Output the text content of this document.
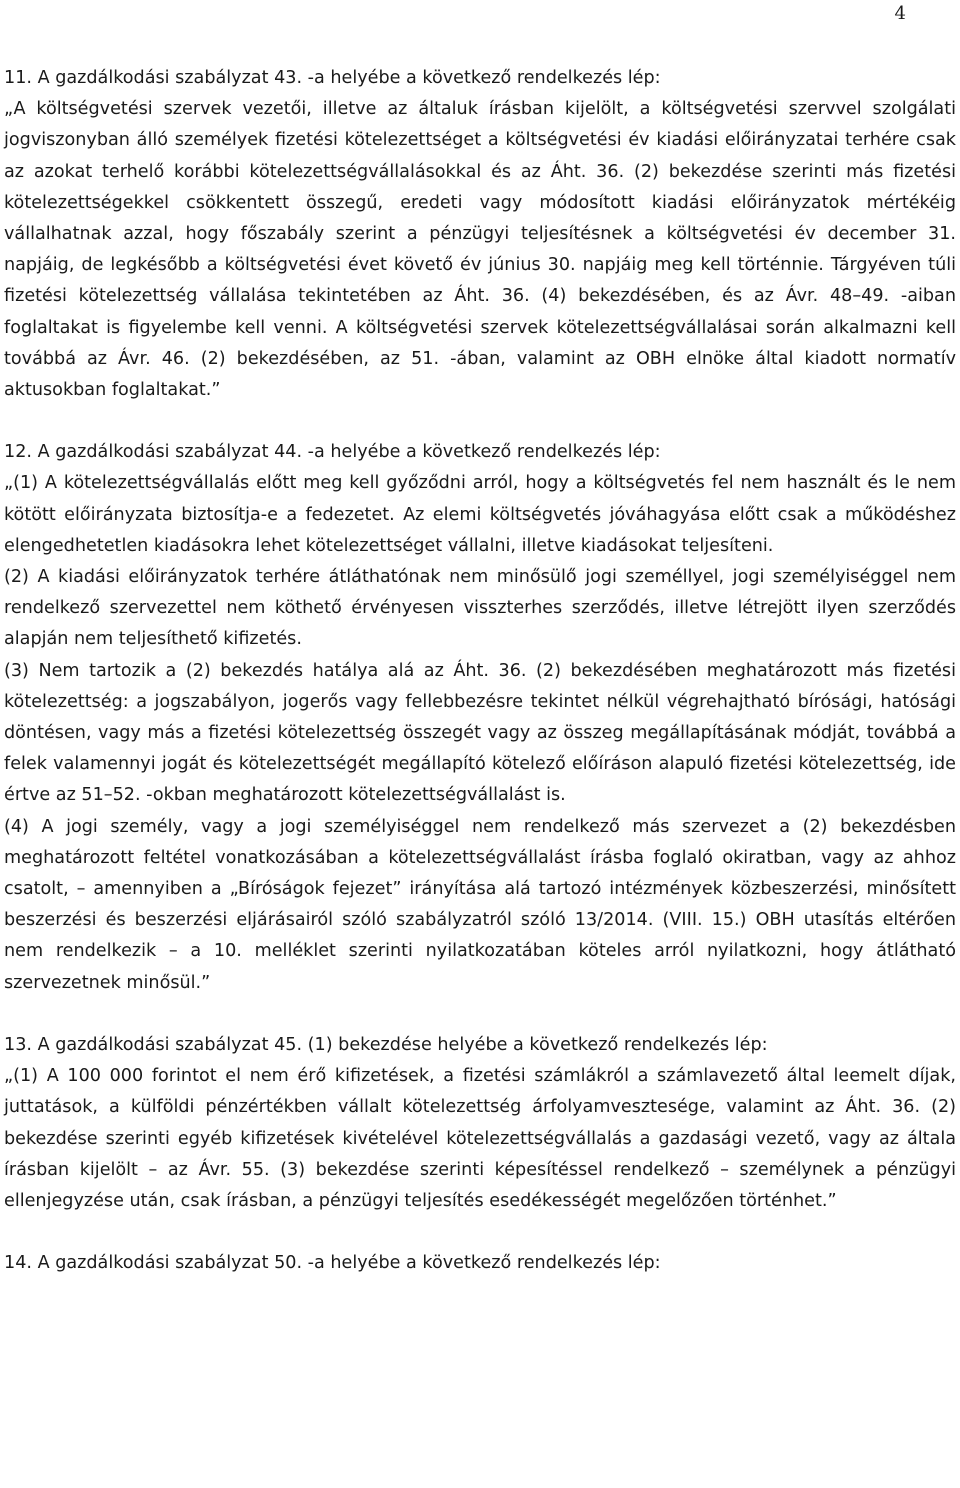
4

11. A gazdálkodási szabályzat 43. -a helyébe a következő rendelkezés lép:

„A költségvetési szervek vezetői, illetve az általuk írásban kijelölt, a költségvetési szervvel szolgálati jogviszonyban álló személyek fizetési kötelezettséget a költségvetési év kiadási előirányzatai terhére csak az azokat terhelő korábbi kötelezettségvállalásokkal és az Áht. 36. (2) bekezdése szerinti más fizetési kötelezettségekkel csökkentett összegű, eredeti vagy módosított kiadási előirányzatok mértékéig vállalhatnak azzal, hogy főszabály szerint a pénzügyi teljesítésnek a költségvetési év december 31. napjáig, de legkésőbb a költségvetési évet követő év június 30. napjáig meg kell történnie. Tárgyéven túli fizetési kötelezettség vállalása tekintetében az Áht. 36. (4) bekezdésében, és az Ávr. 48–49. -aiban foglaltakat is figyelembe kell venni. A költségvetési szervek kötelezettségvállalásai során alkalmazni kell továbbá az Ávr. 46. (2) bekezdésében, az 51. -ában, valamint az OBH elnöke által kiadott normatív aktusokban foglaltakat.”

12. A gazdálkodási szabályzat 44. -a helyébe a következő rendelkezés lép:

„(1) A kötelezettségvállalás előtt meg kell győződni arról, hogy a költségvetés fel nem használt és le nem kötött előirányzata biztosítja-e a fedezetet. Az elemi költségvetés jóváhagyása előtt csak a működéshez elengedhetetlen kiadásokra lehet kötelezettséget vállalni, illetve kiadásokat teljesíteni.

(2) A kiadási előirányzatok terhére átláthatónak nem minősülő jogi személlyel, jogi személyiséggel nem rendelkező szervezettel nem köthető érvényesen visszterhes szerződés, illetve létrejött ilyen szerződés alapján nem teljesíthető kifizetés.

(3) Nem tartozik a (2) bekezdés hatálya alá az Áht. 36. (2) bekezdésében meghatározott más fizetési kötelezettség: a jogszabályon, jogerős vagy fellebbezésre tekintet nélkül végrehajtható bírósági, hatósági döntésen, vagy más a fizetési kötelezettség összegét vagy az összeg megállapításának módját, továbbá a felek valamennyi jogát és kötelezettségét megállapító kötelező előíráson alapuló fizetési kötelezettség, ide értve az 51–52. -okban meghatározott kötelezettségvállalást is.

(4) A jogi személy, vagy a jogi személyiséggel nem rendelkező más szervezet a (2) bekezdésben meghatározott feltétel vonatkozásában a kötelezettségvállalást írásba foglaló okiratban, vagy az ahhoz csatolt, – amennyiben a „Bíróságok fejezet” irányítása alá tartozó intézmények közbeszerzési, minősített beszerzési és beszerzési eljárásairól szóló szabályzatról szóló 13/2014. (VIII. 15.) OBH utasítás eltérően nem rendelkezik – a 10. melléklet szerinti nyilatkozatában köteles arról nyilatkozni, hogy átlátható szervezetnek minősül.”

13. A gazdálkodási szabályzat 45. (1) bekezdése helyébe a következő rendelkezés lép:

„(1) A 100 000 forintot el nem érő kifizetések, a fizetési számlákról a számlavezető által leemelt díjak, juttatások, a külföldi pénzértékben vállalt kötelezettség árfolyamvesztesége, valamint az Áht. 36. (2) bekezdése szerinti egyéb kifizetések kivételével kötelezettségvállalás a gazdasági vezető, vagy az általa írásban kijelölt – az Ávr. 55. (3) bekezdése szerinti képesítéssel rendelkező – személynek a pénzügyi ellenjegyzése után, csak írásban, a pénzügyi teljesítés esedékességét megelőzően történhet.”

14. A gazdálkodási szabályzat 50. -a helyébe a következő rendelkezés lép:
